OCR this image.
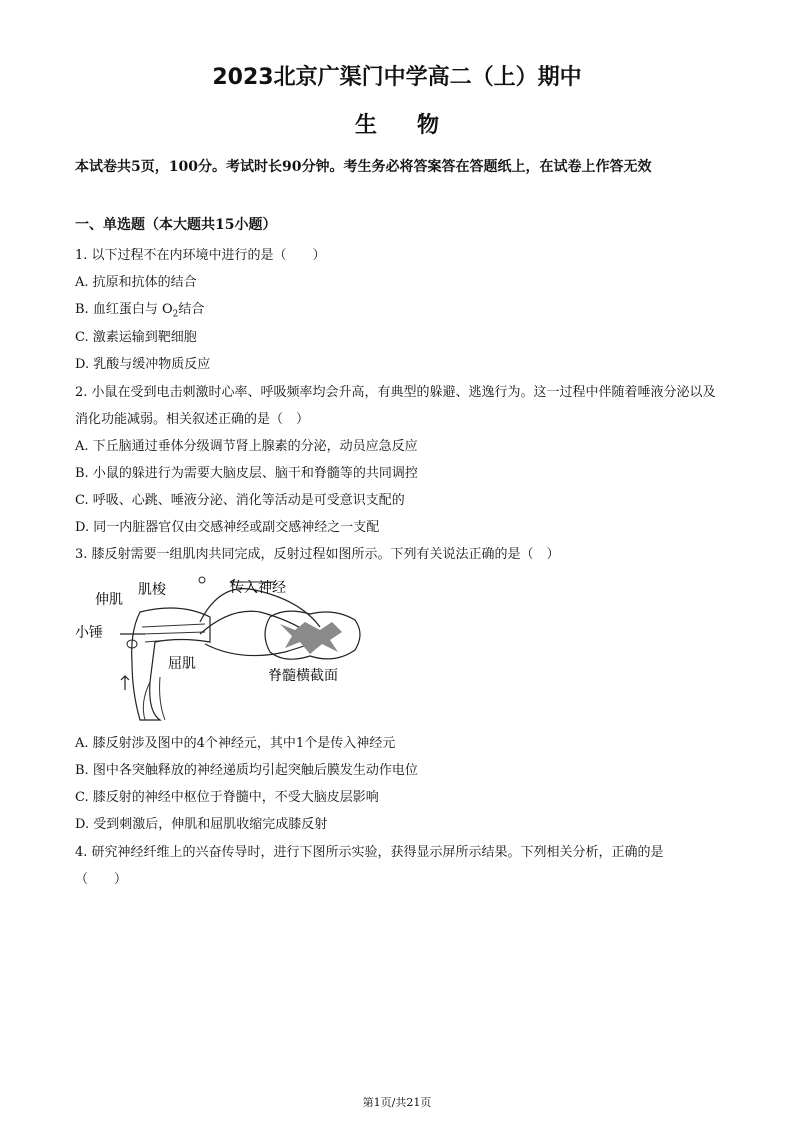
2023北京广渠门中学高二（上）期中
生物
本试卷共5页，100分。考试时长90分钟。考生务必将答案答在答题纸上，在试卷上作答无效
一、单选题（本大题共15小题）
1. 以下过程不在内环境中进行的是（　　）
A. 抗原和抗体的结合
B. 血红蛋白与 $O_2$结合
C. 激素运输到靶细胞
D. 乳酸与缓冲物质反应
2. 小鼠在受到电击刺激时心率、呼吸频率均会升高，有典型的躲避、逃逸行为。这一过程中伴随着唾液分泌以及消化功能减弱。相关叙述正确的是（　）
A. 下丘脑通过垂体分级调节肾上腺素的分泌，动员应急反应
B. 小鼠的躲进行为需要大脑皮层、脑干和脊髓等的共同调控
C. 呼吸、心跳、唾液分泌、消化等活动是可受意识支配的
D. 同一内脏器官仅由交感神经或副交感神经之一支配
3. 膝反射需要一组肌肉共同完成，反射过程如图所示。下列有关说法正确的是（　）
伸肌
肌梭	传入神经
小锤
屈肌
脊髓横截面
A. 膝反射涉及图中的4个神经元，其中1个是传入神经元
B. 图中各突触释放的神经递质均引起突触后膜发生动作电位
C. 膝反射的神经中枢位于脊髓中，不受大脑皮层影响
D. 受到刺激后，伸肌和屈肌收缩完成膝反射
4. 研究神经纤维上的兴奋传导时，进行下图所示实验，获得显示屏所示结果。下列相关分析，正确的是
（　　）
第1页/共21页
